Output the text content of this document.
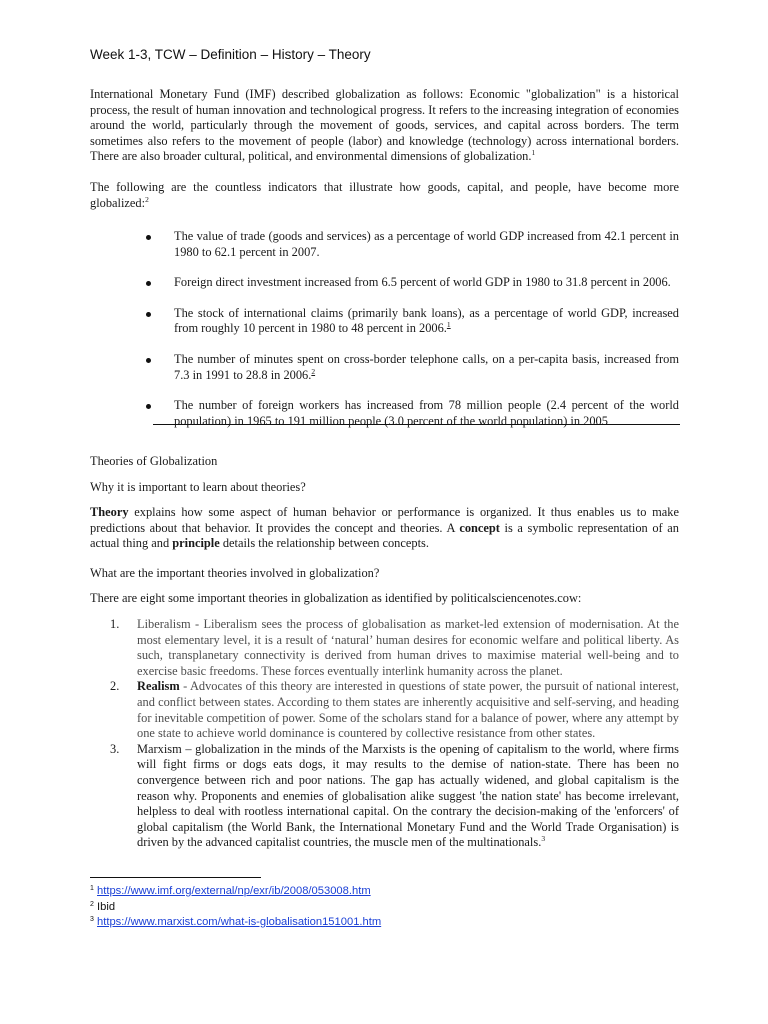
Week 1-3, TCW – Definition – History – Theory

International Monetary Fund (IMF) described globalization as follows: Economic "globalization" is a historical process, the result of human innovation and technological progress. It refers to the increasing integration of economies around the world, particularly through the movement of goods, services, and capital across borders. The term sometimes also refers to the movement of people (labor) and knowledge (technology) across international borders. There are also broader cultural, political, and environmental dimensions of globalization.$^1$

The following are the countless indicators that illustrate how goods, capital, and people, have become more globalized:$^2$

The value of trade (goods and services) as a percentage of world GDP increased from 42.1 percent in 1980 to 62.1 percent in 2007.
Foreign direct investment increased from 6.5 percent of world GDP in 1980 to 31.8 percent in 2006.
The stock of international claims (primarily bank loans), as a percentage of world GDP, increased from roughly 10 percent in 1980 to 48 percent in 2006.$^1$
The number of minutes spent on cross-border telephone calls, on a per-capita basis, increased from 7.3 in 1991 to 28.8 in 2006.$^2$
The number of foreign workers has increased from 78 million people (2.4 percent of the world population) in 1965 to 191 million people (3.0 percent of the world population) in 2005

Theories of Globalization

Why it is important to learn about theories?

Theory explains how some aspect of human behavior or performance is organized. It thus enables us to make predictions about that behavior. It provides the concept and theories. A concept is a symbolic representation of an actual thing and principle details the relationship between concepts.

What are the important theories involved in globalization?

There are eight some important theories in globalization as identified by politicalsciencenotes.cow:

1. Liberalism - Liberalism sees the process of globalisation as market-led extension of modernisation. At the most elementary level, it is a result of ‘natural’ human desires for economic welfare and political liberty. As such, transplanetary connectivity is derived from human drives to maximise material well-being and to exercise basic freedoms. These forces eventually interlink humanity across the planet.
2. Realism - Advocates of this theory are interested in questions of state power, the pursuit of national interest, and conflict between states. According to them states are inherently acquisitive and self-serving, and heading for inevitable competition of power. Some of the scholars stand for a balance of power, where any attempt by one state to achieve world dominance is countered by collective resistance from other states.
3. Marxism – globalization in the minds of the Marxists is the opening of capitalism to the world, where firms will fight firms or dogs eats dogs, it may results to the demise of nation-state. There has been no convergence between rich and poor nations. The gap has actually widened, and global capitalism is the reason why. Proponents and enemies of globalisation alike suggest 'the nation state' has become irrelevant, helpless to deal with rootless international capital. On the contrary the decision-making of the 'enforcers' of global capitalism (the World Bank, the International Monetary Fund and the World Trade Organisation) is driven by the advanced capitalist countries, the muscle men of the multinationals.$^3$
$^1$ https://www.imf.org/external/np/exr/ib/2008/053008.htm
$^2$ Ibid
$^3$ https://www.marxist.com/what-is-globalisation151001.htm
